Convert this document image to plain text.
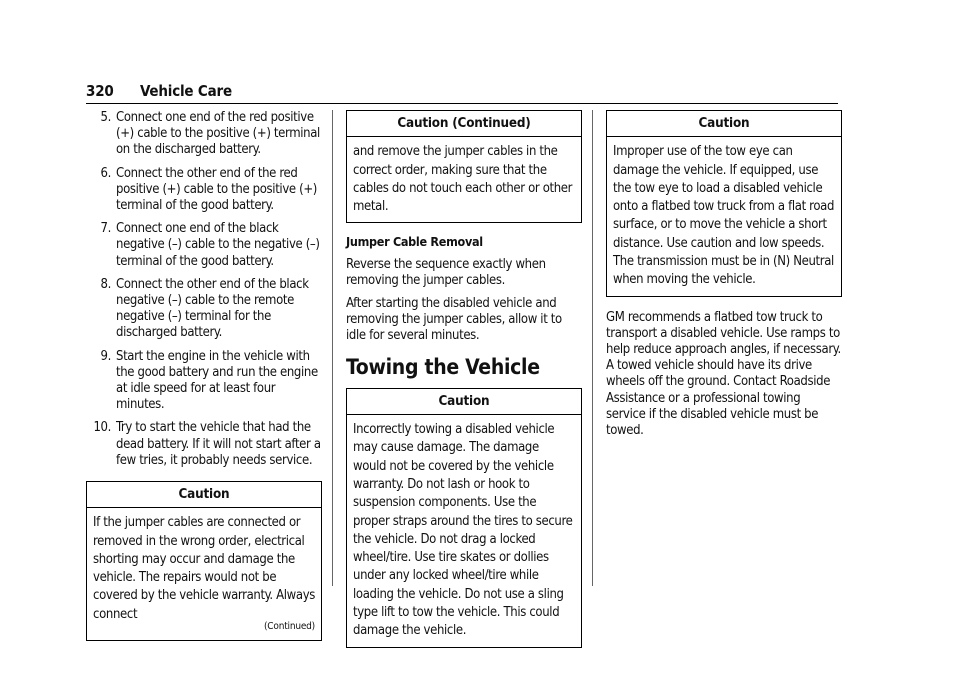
320 Vehicle Care
5. Connect one end of the red positive (+) cable to the positive (+) terminal on the discharged battery.
6. Connect the other end of the red positive (+) cable to the positive (+) terminal of the good battery.
7. Connect one end of the black negative (–) cable to the negative (–) terminal of the good battery.
8. Connect the other end of the black negative (–) cable to the remote negative (–) terminal for the discharged battery.
9. Start the engine in the vehicle with the good battery and run the engine at idle speed for at least four minutes.
10. Try to start the vehicle that had the dead battery. If it will not start after a few tries, it probably needs service.
Caution
If the jumper cables are connected or removed in the wrong order, electrical shorting may occur and damage the vehicle. The repairs would not be covered by the vehicle warranty. Always connect
(Continued)
Caution (Continued)
and remove the jumper cables in the correct order, making sure that the cables do not touch each other or other metal.
Jumper Cable Removal

Reverse the sequence exactly when removing the jumper cables.

After starting the disabled vehicle and removing the jumper cables, allow it to idle for several minutes.

Towing the Vehicle
Caution
Incorrectly towing a disabled vehicle may cause damage. The damage would not be covered by the vehicle warranty. Do not lash or hook to suspension components. Use the proper straps around the tires to secure the vehicle. Do not drag a locked wheel/tire. Use tire skates or dollies under any locked wheel/tire while loading the vehicle. Do not use a sling type lift to tow the vehicle. This could damage the vehicle.
Caution
Improper use of the tow eye can damage the vehicle. If equipped, use the tow eye to load a disabled vehicle onto a flatbed tow truck from a flat road surface, or to move the vehicle a short distance. Use caution and low speeds. The transmission must be in (N) Neutral when moving the vehicle.

GM recommends a flatbed tow truck to transport a disabled vehicle. Use ramps to help reduce approach angles, if necessary. A towed vehicle should have its drive wheels off the ground. Contact Roadside Assistance or a professional towing service if the disabled vehicle must be towed.
